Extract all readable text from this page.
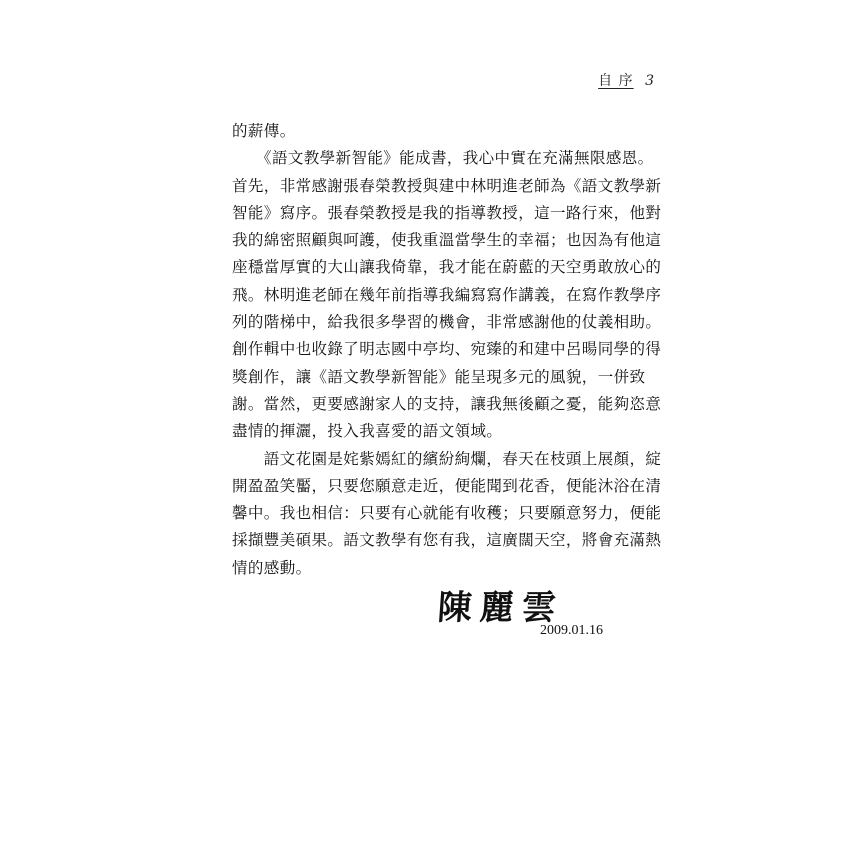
自 序 3
的薪傳。
　　《語文教學新智能》能成書，我心中實在充滿無限感恩。
首先，非常感謝張春榮教授與建中林明進老師為《語文教學新
智能》寫序。張春榮教授是我的指導教授，這一路行來，他對
我的綿密照顧與呵護，使我重溫當學生的幸福；也因為有他這
座穩當厚實的大山讓我倚靠，我才能在蔚藍的天空勇敢放心的
飛。林明進老師在幾年前指導我編寫寫作講義，在寫作教學序
列的階梯中，給我很多學習的機會，非常感謝他的仗義相助。
創作輯中也收錄了明志國中亭均、宛臻的和建中呂暘同學的得
獎創作，讓《語文教學新智能》能呈現多元的風貌，一併致
謝。當然，更要感謝家人的支持，讓我無後顧之憂，能夠恣意
盡情的揮灑，投入我喜愛的語文領域。
　　語文花園是姹紫嫣紅的繽紛絢爛，春天在枝頭上展顏，綻
開盈盈笑靨，只要您願意走近，便能聞到花香，便能沐浴在清
馨中。我也相信：只要有心就能有收穫；只要願意努力，便能
採擷豐美碩果。語文教學有您有我，這廣闊天空，將會充滿熱
情的感動。
陳麗雲
2009.01.16
